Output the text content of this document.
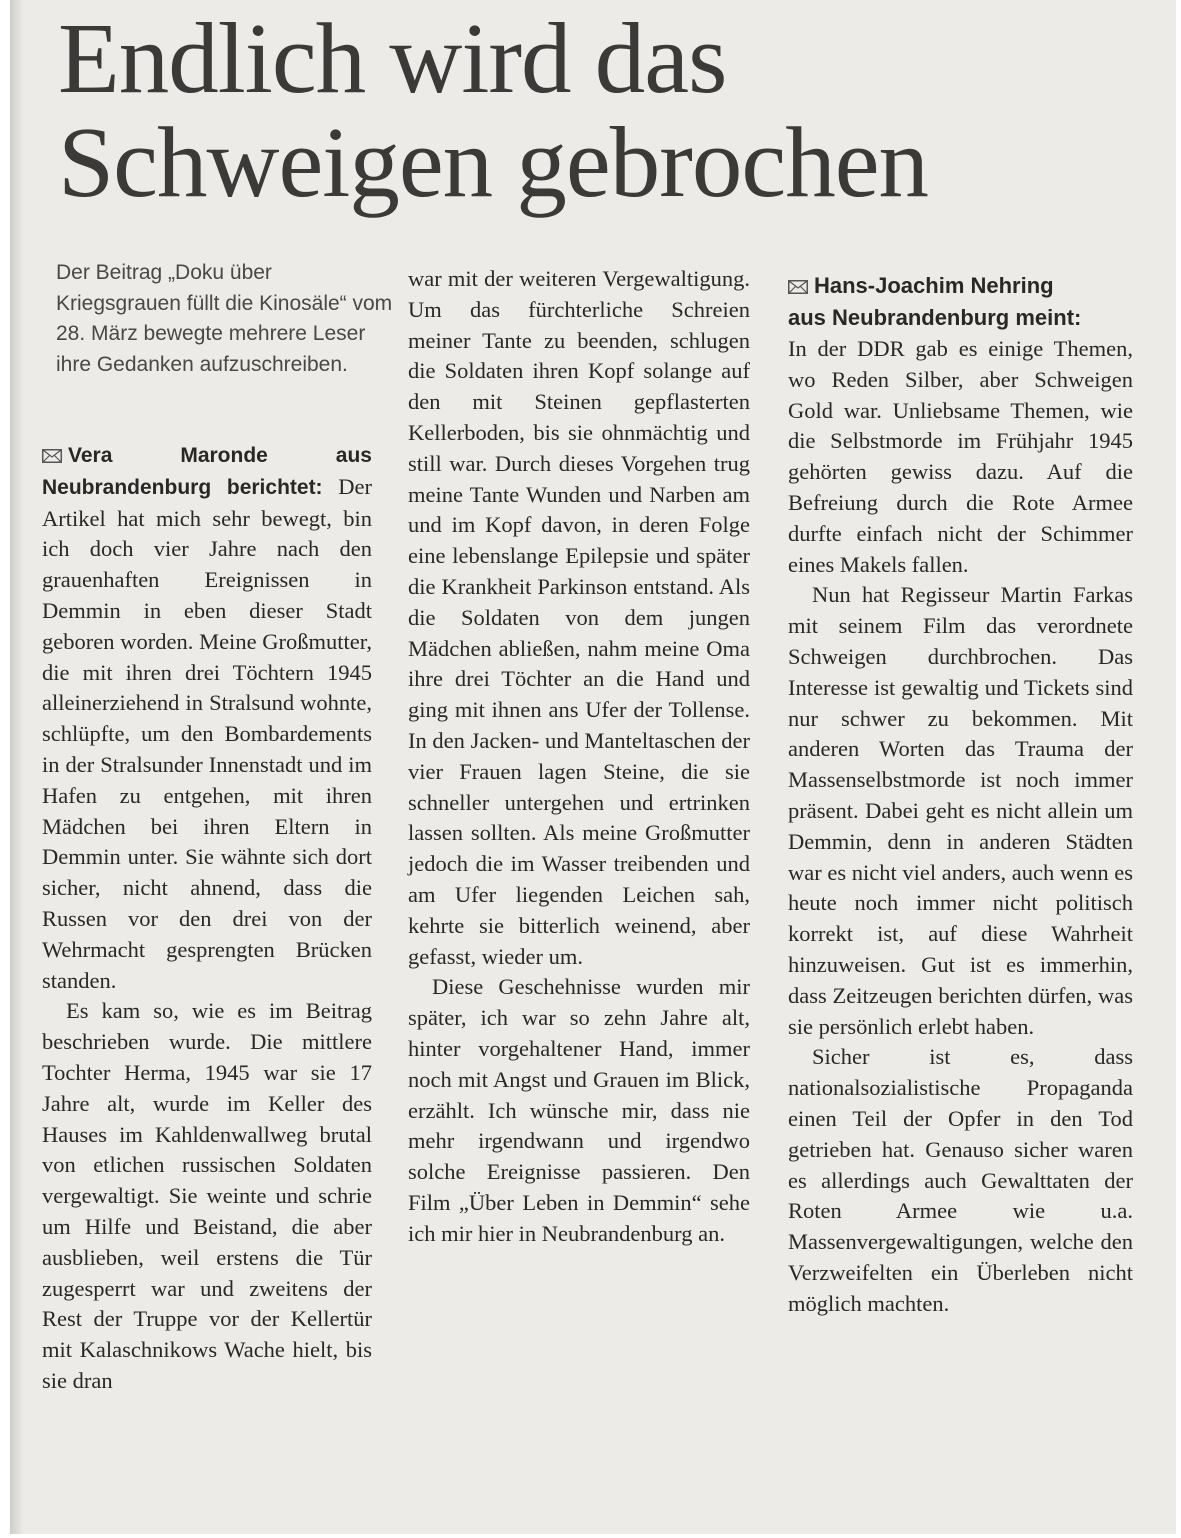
Endlich wird das
Schweigen gebrochen
Der Beitrag „Doku über Kriegsgrauen füllt die Kinosäle“ vom 28. März bewegte mehrere Leser ihre Gedanken aufzuschreiben.

Vera Maronde aus Neubrandenburg berichtet: Der Artikel hat mich sehr bewegt, bin ich doch vier Jahre nach den grauenhaften Ereignissen in Demmin in eben dieser Stadt geboren worden. Meine Großmutter, die mit ihren drei Töchtern 1945 alleinerziehend in Stralsund wohnte, schlüpfte, um den Bombardements in der Stralsunder Innenstadt und im Hafen zu entgehen, mit ihren Mädchen bei ihren Eltern in Demmin unter. Sie wähnte sich dort sicher, nicht ahnend, dass die Russen vor den drei von der Wehrmacht gesprengten Brücken standen.

Es kam so, wie es im Beitrag beschrieben wurde. Die mittlere Tochter Herma, 1945 war sie 17 Jahre alt, wurde im Keller des Hauses im Kahldenwallweg brutal von etlichen russischen Soldaten vergewaltigt. Sie weinte und schrie um Hilfe und Beistand, die aber ausblieben, weil erstens die Tür zugesperrt war und zweitens der Rest der Truppe vor der Kellertür mit Kalaschnikows Wache hielt, bis sie dran

war mit der weiteren Vergewaltigung. Um das fürchterliche Schreien meiner Tante zu beenden, schlugen die Soldaten ihren Kopf solange auf den mit Steinen gepflasterten Kellerboden, bis sie ohnmächtig und still war. Durch dieses Vorgehen trug meine Tante Wunden und Narben am und im Kopf davon, in deren Folge eine lebenslange Epilepsie und später die Krankheit Parkinson entstand. Als die Soldaten von dem jungen Mädchen abließen, nahm meine Oma ihre drei Töchter an die Hand und ging mit ihnen ans Ufer der Tollense. In den Jacken- und Manteltaschen der vier Frauen lagen Steine, die sie schneller untergehen und ertrinken lassen sollten. Als meine Großmutter jedoch die im Wasser treibenden und am Ufer liegenden Leichen sah, kehrte sie bitterlich weinend, aber gefasst, wieder um.

Diese Geschehnisse wurden mir später, ich war so zehn Jahre alt, hinter vorgehaltener Hand, immer noch mit Angst und Grauen im Blick, erzählt. Ich wünsche mir, dass nie mehr irgendwann und irgendwo solche Ereignisse passieren. Den Film „Über Leben in Demmin“ sehe ich mir hier in Neubrandenburg an.

Hans-Joachim Nehring
aus Neubrandenburg meint:

In der DDR gab es einige Themen, wo Reden Silber, aber Schweigen Gold war. Unliebsame Themen, wie die Selbstmorde im Frühjahr 1945 gehörten gewiss dazu. Auf die Befreiung durch die Rote Armee durfte einfach nicht der Schimmer eines Makels fallen.

Nun hat Regisseur Martin Farkas mit seinem Film das verordnete Schweigen durchbrochen. Das Interesse ist gewaltig und Tickets sind nur schwer zu bekommen. Mit anderen Worten das Trauma der Massenselbstmorde ist noch immer präsent. Dabei geht es nicht allein um Demmin, denn in anderen Städten war es nicht viel anders, auch wenn es heute noch immer nicht politisch korrekt ist, auf diese Wahrheit hinzuweisen. Gut ist es immerhin, dass Zeitzeugen berichten dürfen, was sie persönlich erlebt haben.

Sicher ist es, dass nationalsozialistische Propaganda einen Teil der Opfer in den Tod getrieben hat. Genauso sicher waren es allerdings auch Gewalttaten der Roten Armee wie u.a. Massenvergewaltigungen, welche den Verzweifelten ein Überleben nicht möglich machten.
